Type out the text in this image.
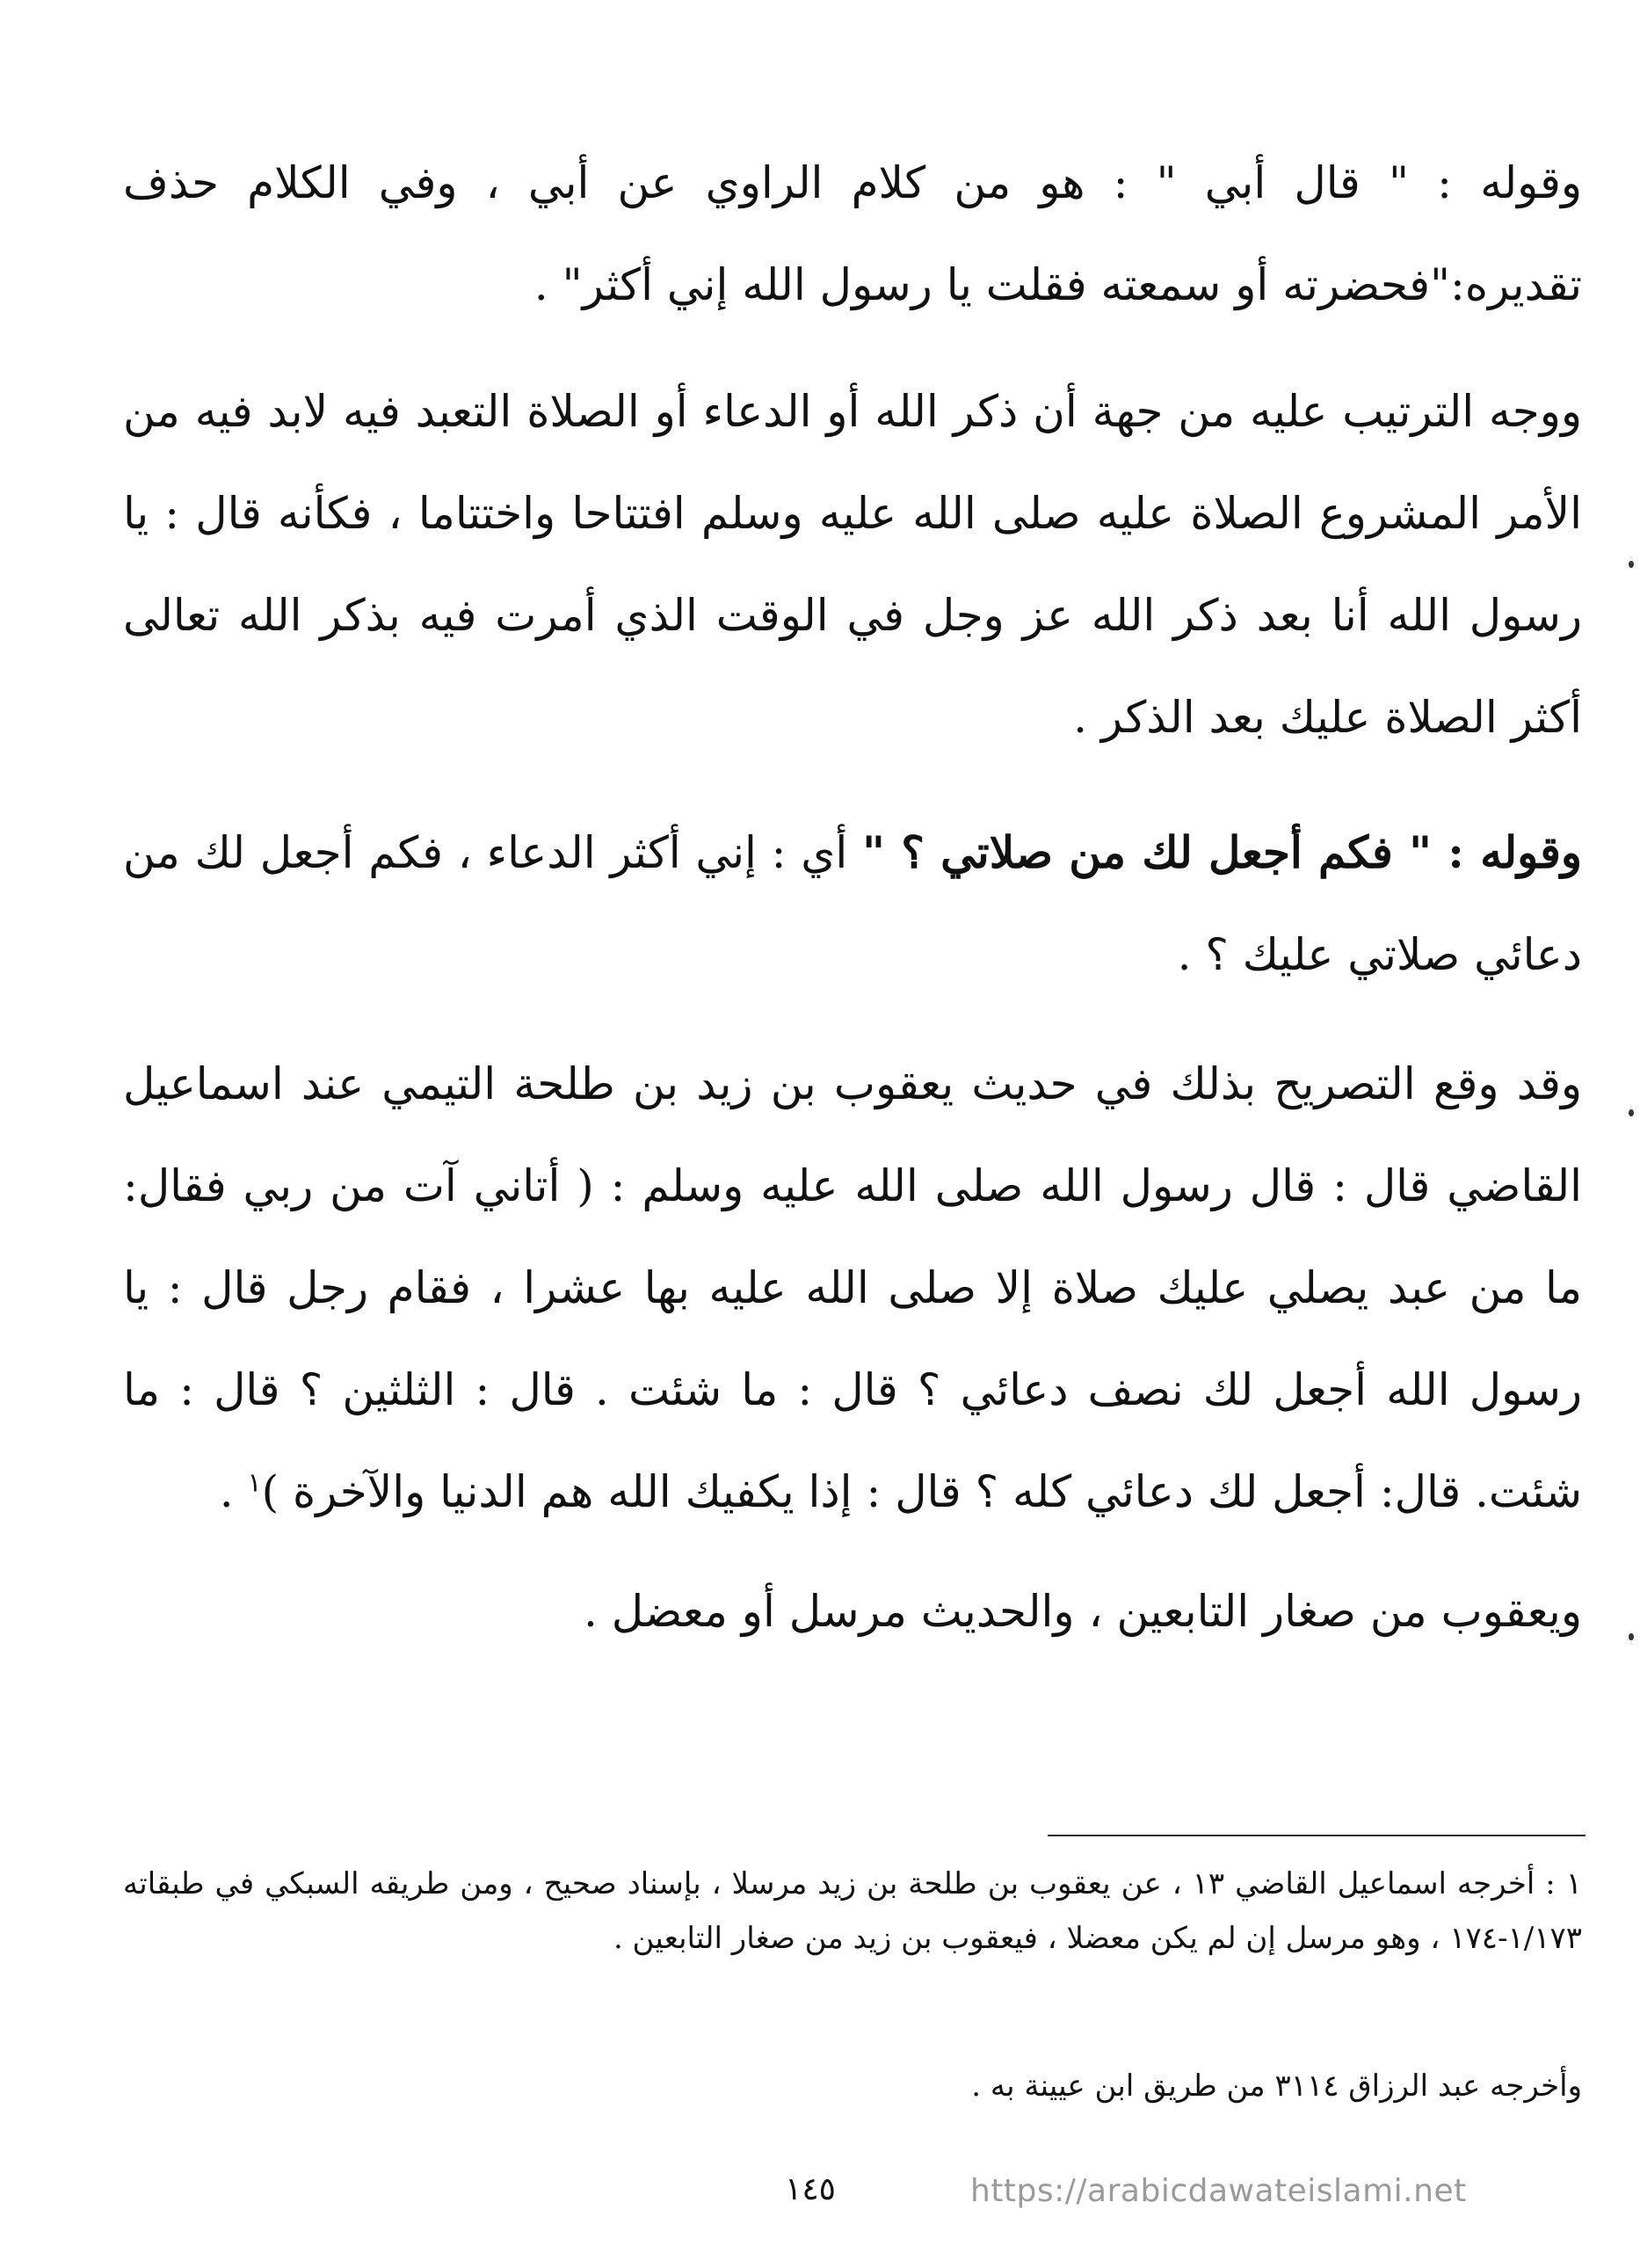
وقوله : " قال أبي " : هو من كلام الراوي عن أبي ، وفي الكلام حذف تقديره:"فحضرته أو سمعته فقلت يا رسول الله إني أكثر" .

ووجه الترتيب عليه من جهة أن ذكر الله أو الدعاء أو الصلاة التعبد فيه لابد فيه من الأمر المشروع الصلاة عليه صلى الله عليه وسلم افتتاحا واختتاما ، فكأنه قال : يا رسول الله أنا بعد ذكر الله عز وجل في الوقت الذي أمرت فيه بذكر الله تعالى أكثر الصلاة عليك بعد الذكر .

وقوله : " فكم أجعل لك من صلاتي ؟ " أي : إني أكثر الدعاء ، فكم أجعل لك من دعائي صلاتي عليك ؟ .

وقد وقع التصريح بذلك في حديث يعقوب بن زيد بن طلحة التيمي عند اسماعيل القاضي قال : قال رسول الله صلى الله عليه وسلم : ( أتاني آت من ربي فقال: ما من عبد يصلي عليك صلاة إلا صلى الله عليه بها عشرا ، فقام رجل قال : يا رسول الله أجعل لك نصف دعائي ؟ قال : ما شئت . قال : الثلثين ؟ قال : ما شئت. قال: أجعل لك دعائي كله ؟ قال : إذا يكفيك الله هم الدنيا والآخرة )$^١$ .

ويعقوب من صغار التابعين ، والحديث مرسل أو معضل .

١ : أخرجه اسماعيل القاضي ١٣ ، عن يعقوب بن طلحة بن زيد مرسلا ، بإسناد صحيح ، ومن طريقه السبكي في طبقاته ١/١٧٣-١٧٤ ، وهو مرسل إن لم يكن معضلا ، فيعقوب بن زيد من صغار التابعين .

وأخرجه عبد الرزاق ٣١١٤ من طريق ابن عيينة به .

١٤٥	https://arabicdawateislami.net
